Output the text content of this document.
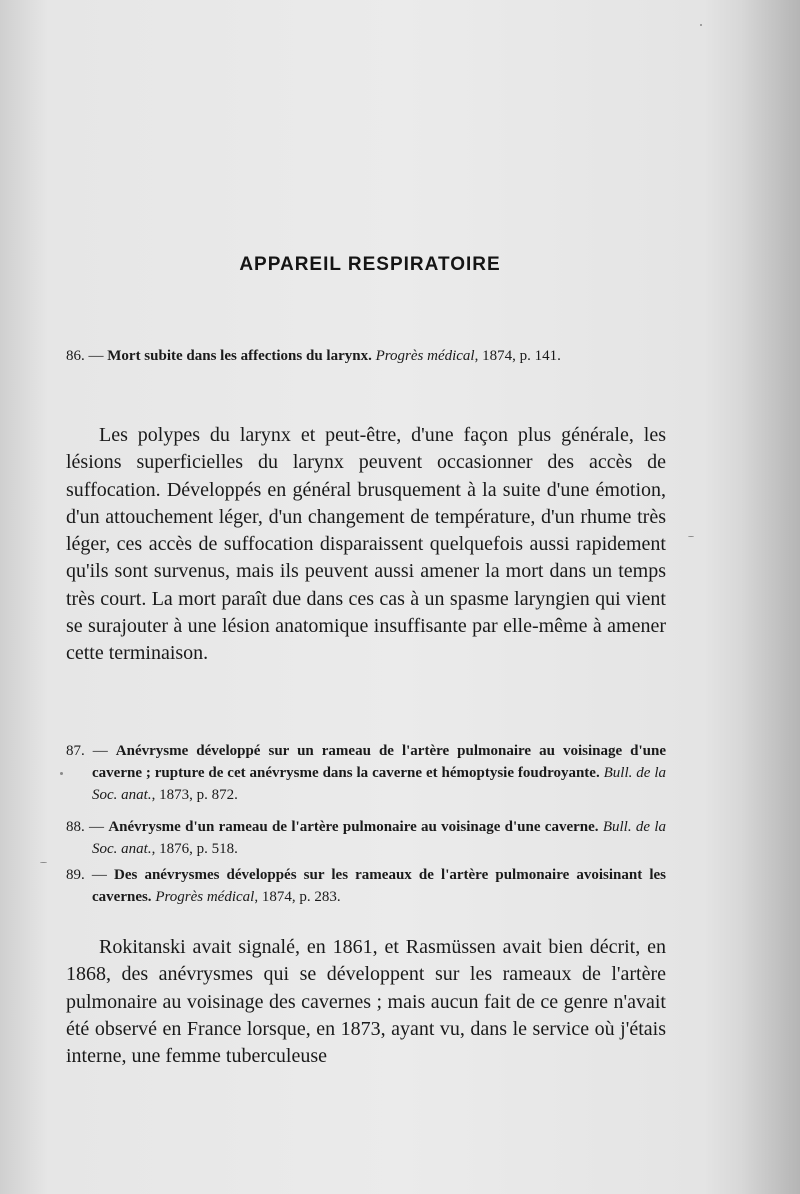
APPAREIL RESPIRATOIRE
86. — Mort subite dans les affections du larynx. Progrès médical, 1874, p. 141.
Les polypes du larynx et peut-être, d'une façon plus générale, les lésions superficielles du larynx peuvent occasionner des accès de suffocation. Développés en général brusquement à la suite d'une émotion, d'un attouchement léger, d'un changement de température, d'un rhume très léger, ces accès de suffocation disparaissent quelquefois aussi rapidement qu'ils sont survenus, mais ils peuvent aussi amener la mort dans un temps très court. La mort paraît due dans ces cas à un spasme laryngien qui vient se surajouter à une lésion anatomique insuffisante par elle-même à amener cette terminaison.
87. — Anévrysme développé sur un rameau de l'artère pulmonaire au voisinage d'une caverne ; rupture de cet anévrysme dans la caverne et hémoptysie foudroyante. Bull. de la Soc. anat., 1873, p. 872.
88. — Anévrysme d'un rameau de l'artère pulmonaire au voisinage d'une caverne. Bull. de la Soc. anat., 1876, p. 518.
89. — Des anévrysmes développés sur les rameaux de l'artère pulmonaire avoisinant les cavernes. Progrès médical, 1874, p. 283.
Rokitanski avait signalé, en 1861, et Rasmüssen avait bien décrit, en 1868, des anévrysmes qui se développent sur les rameaux de l'artère pulmonaire au voisinage des cavernes ; mais aucun fait de ce genre n'avait été observé en France lorsque, en 1873, ayant vu, dans le service où j'étais interne, une femme tuberculeuse
